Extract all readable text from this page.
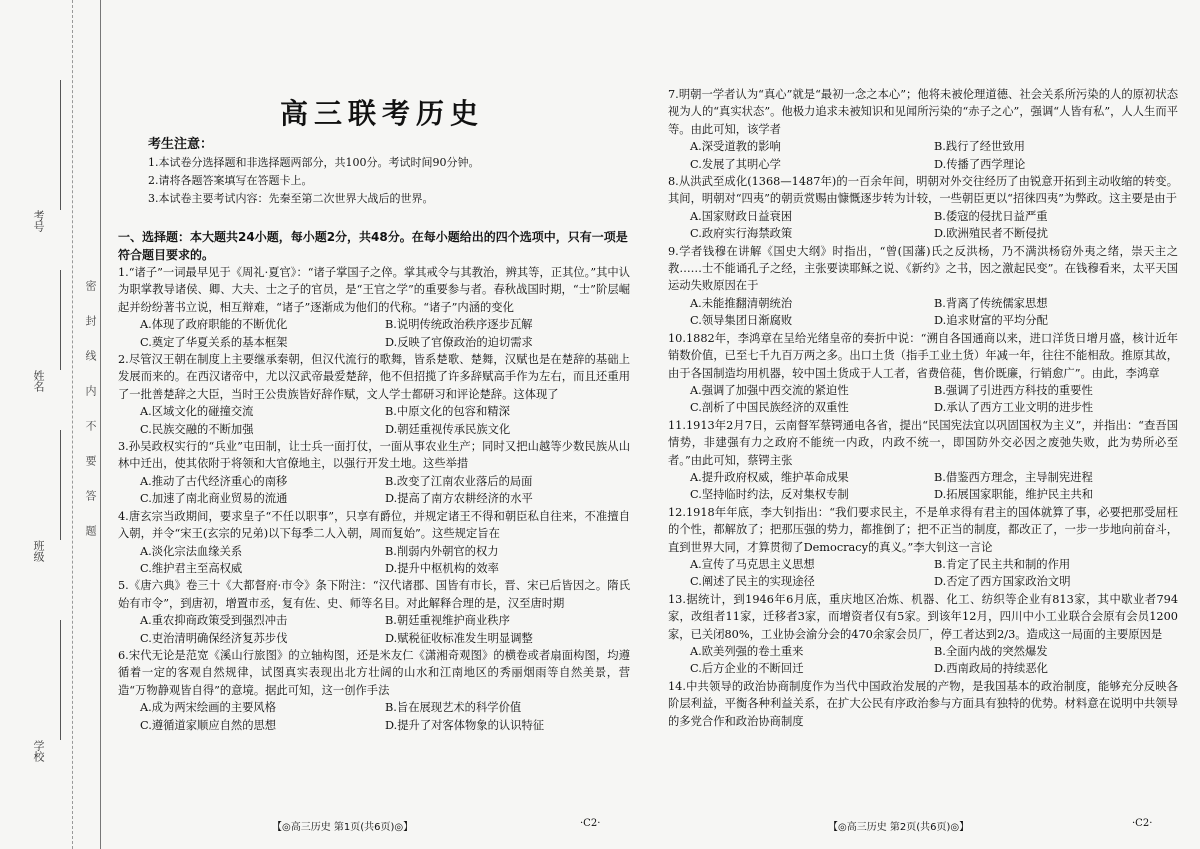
考号
姓名
班级
学校
密封线内不要答题
高三联考历史
考生注意：
1.本试卷分选择题和非选择题两部分，共100分。考试时间90分钟。
2.请将各题答案填写在答题卡上。
3.本试卷主要考试内容：先秦至第二次世界大战后的世界。
一、选择题：本大题共24小题，每小题2分，共48分。在每小题给出的四个选项中，只有一项是符合题目要求的。
1.“诸子”一词最早见于《周礼·夏官》：“诸子掌国子之倅。掌其戒令与其教治，辨其等，正其位。”其中认为职掌教导诸侯、卿、大夫、士之子的官员，是“王官之学”的重要参与者。春秋战国时期，“士”阶层崛起并纷纷著书立说，相互辩难，“诸子”逐渐成为他们的代称。“诸子”内涵的变化
A.体现了政府职能的不断优化	B.说明传统政治秩序逐步瓦解
C.奠定了华夏关系的基本框架	D.反映了官僚政治的迫切需求
2.尽管汉王朝在制度上主要继承秦朝，但汉代流行的歌舞，皆系楚歌、楚舞，汉赋也是在楚辞的基础上发展而来的。在西汉诸帝中，尤以汉武帝最爱楚辞，他不但招揽了许多辞赋高手作为左右，而且还重用了一批善楚辞之大臣，当时王公贵族皆好辞作赋，文人学士都研习和评论楚辞。这体现了
A.区域文化的碰撞交流	B.中原文化的包容和精深
C.民族交融的不断加强	D.朝廷重视传承民族文化
3.孙吴政权实行的“兵业”屯田制，让士兵一面打仗，一面从事农业生产；同时又把山越等少数民族从山林中迁出，使其依附于将领和大官僚地主，以强行开发土地。这些举措
A.推动了古代经济重心的南移	B.改变了江南农业落后的局面
C.加速了南北商业贸易的流通	D.提高了南方农耕经济的水平
4.唐玄宗当政期间，要求皇子“不任以职事”，只享有爵位，并规定诸王不得和朝臣私自往来，不准擅自入朝，并令“宋王(玄宗的兄弟)以下每季二人入朝，周而复始”。这些规定旨在
A.淡化宗法血缘关系	B.削弱内外朝官的权力
C.维护君主至高权威	D.提升中枢机构的效率
5.《唐六典》卷三十《大都督府·市令》条下附注：“汉代诸郡、国皆有市长，晋、宋已后皆因之。隋氏始有市令”，到唐初，增置市丞，复有佐、史、师等名目。对此解释合理的是，汉至唐时期
A.重农抑商政策受到强烈冲击	B.朝廷重视维护商业秩序
C.吏治清明确保经济复苏步伐	D.赋税征收标准发生明显调整
6.宋代无论是范宽《溪山行旅图》的立轴构图，还是米友仁《潇湘奇观图》的横卷或者扇面构图，均遵循着一定的客观自然规律，试图真实表现出北方壮阔的山水和江南地区的秀丽烟雨等自然美景，营造“万物静观皆自得”的意境。据此可知，这一创作手法
A.成为两宋绘画的主要风格	B.旨在展现艺术的科学价值
C.遵循道家顺应自然的思想	D.提升了对客体物象的认识特征
【◎高三历史 第1页(共6页)◎】	·C2·
7.明朝一学者认为“真心”就是“最初一念之本心”；他将未被伦理道德、社会关系所污染的人的原初状态视为人的“真实状态”。他极力追求未被知识和见闻所污染的“赤子之心”，强调“人皆有私”，人人生而平等。由此可知，该学者
A.深受道教的影响	B.践行了经世致用
C.发展了其明心学	D.传播了西学理论
8.从洪武至成化(1368—1487年)的一百余年间，明朝对外交往经历了由锐意开拓到主动收缩的转变。其间，明朝对“四夷”的朝贡赏赐由慷慨逐步转为计较，一些朝臣更以“招徕四夷”为弊政。这主要是由于
A.国家财政日益衰困	B.倭寇的侵扰日益严重
C.政府实行海禁政策	D.欧洲殖民者不断侵扰
9.学者钱穆在讲解《国史大纲》时指出，“曾(国藩)氏之反洪杨，乃不满洪杨窃外夷之绪，崇天主之教……士不能诵孔子之经，主张要读耶稣之说、《新约》之书，因之激起民变”。在钱穆看来，太平天国运动失败原因在于
A.未能推翻清朝统治	B.背离了传统儒家思想
C.领导集团日渐腐败	D.追求财富的平均分配
10.1882年，李鸿章在呈给光绪皇帝的奏折中说：“溯自各国通商以来，进口洋货日增月盛，核计近年销数价值，已至七千九百万两之多。出口土货（指手工业土货）年减一年，往往不能相敌。推原其故，由于各国制造均用机器，较中国土货成于人工者，省费倍蓰，售价既廉，行销愈广”。由此，李鸿章
A.强调了加强中西交流的紧迫性	B.强调了引进西方科技的重要性
C.剖析了中国民族经济的双重性	D.承认了西方工业文明的进步性
11.1913年2月7日，云南督军蔡锷通电各省，提出“民国宪法宜以巩固国权为主义”，并指出：“查吾国情势，非建强有力之政府不能统一内政，内政不统一，即国防外交必因之废弛失败，此为势所必至者。”由此可知，蔡锷主张
A.提升政府权威，维护革命成果	B.借鉴西方理念，主导制宪进程
C.坚持临时约法，反对集权专制	D.拓展国家职能，维护民主共和
12.1918年年底，李大钊指出：“我们要求民主，不是单求得有君主的国体就算了事，必要把那受屈枉的个性，都解放了；把那压强的势力，都推倒了；把不正当的制度，都改正了，一步一步地向前奋斗，直到世界大同，才算贯彻了Democracy的真义。”李大钊这一言论
A.宣传了马克思主义思想	B.肯定了民主共和制的作用
C.阐述了民主的实现途径	D.否定了西方国家政治文明
13.据统计，到1946年6月底，重庆地区冶炼、机器、化工、纺织等企业有813家，其中歇业者794家，改组者11家，迁移者3家，而增资者仅有5家。到该年12月，四川中小工业联合会原有会员1200家，已关闭80%，工业协会渝分会的470余家会员厂，停工者达到2/3。造成这一局面的主要原因是
A.欧美列强的卷土重来	B.全面内战的突然爆发
C.后方企业的不断回迁	D.西南政局的持续恶化
14.中共领导的政治协商制度作为当代中国政治发展的产物，是我国基本的政治制度，能够充分反映各阶层利益，平衡各种利益关系，在扩大公民有序政治参与方面具有独特的优势。材料意在说明中共领导的多党合作和政治协商制度
【◎高三历史 第2页(共6页)◎】	·C2·
